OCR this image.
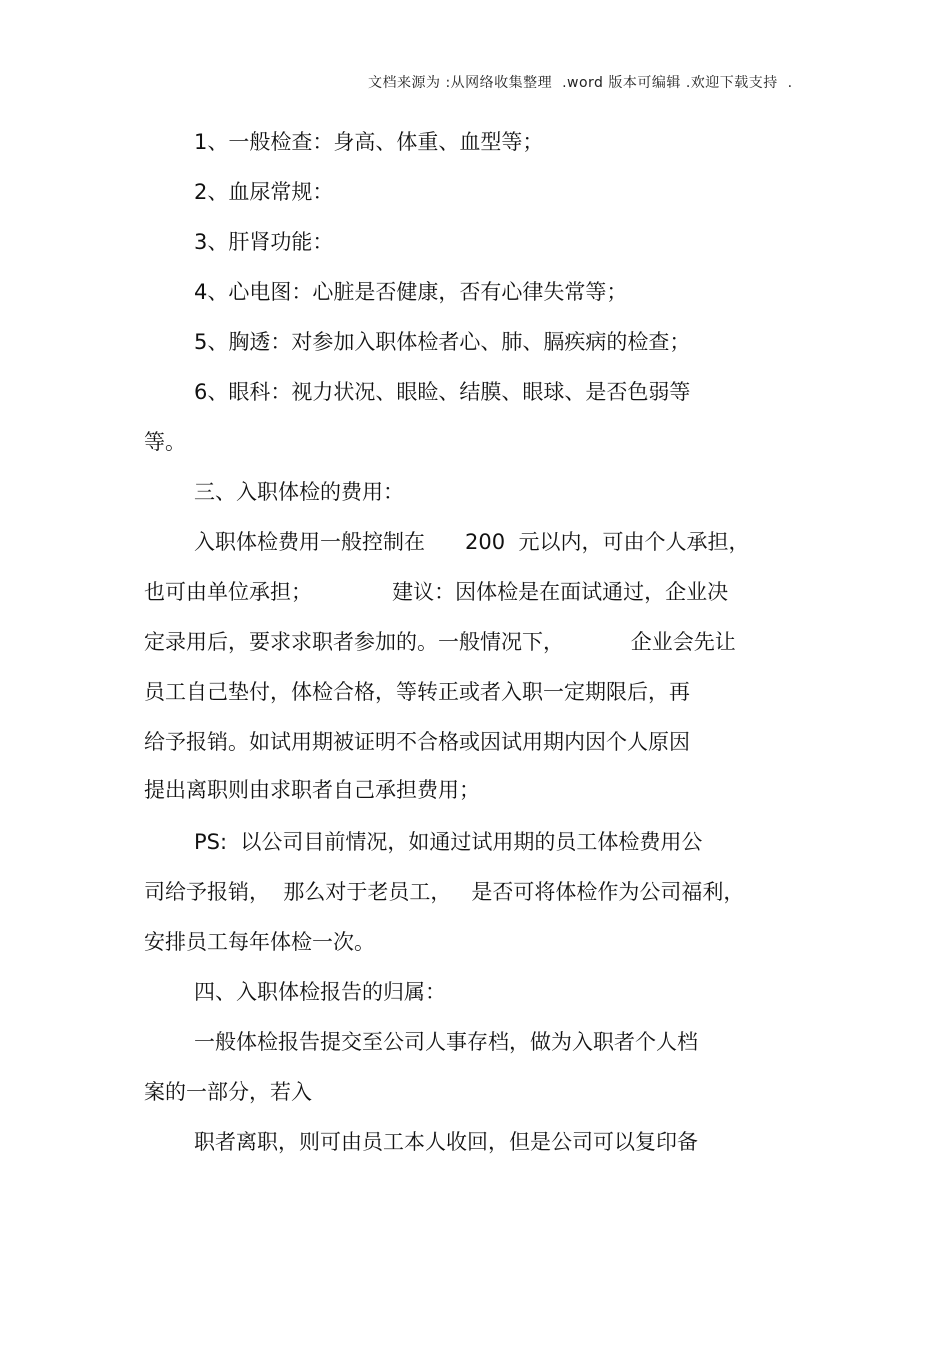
文档来源为 :从网络收集整理  .word 版本可编辑 .欢迎下载支持  .
1、一般检查：身高、体重、血型等；
2、血尿常规：
3、肝肾功能：
4、心电图：心脏是否健康，否有心律失常等；
5、胸透：对参加入职体检者心、肺、膈疾病的检查；
6、眼科：视力状况、眼睑、结膜、眼球、是否色弱等
等。
三、入职体检的费用：
入职体检费用一般控制在      200  元以内，可由个人承担，
也可由单位承担；            建议：因体检是在面试通过，企业决
定录用后，要求求职者参加的。一般情况下，          企业会先让
员工自己垫付，体检合格，等转正或者入职一定期限后，再
给予报销。如试用期被证明不合格或因试用期内因个人原因
提出离职则由求职者自己承担费用；
PS:  以公司目前情况，如通过试用期的员工体检费用公
司给予报销，  那么对于老员工，   是否可将体检作为公司福利，
安排员工每年体检一次。
四、入职体检报告的归属：
一般体检报告提交至公司人事存档，做为入职者个人档
案的一部分，若入
职者离职，则可由员工本人收回，但是公司可以复印备
